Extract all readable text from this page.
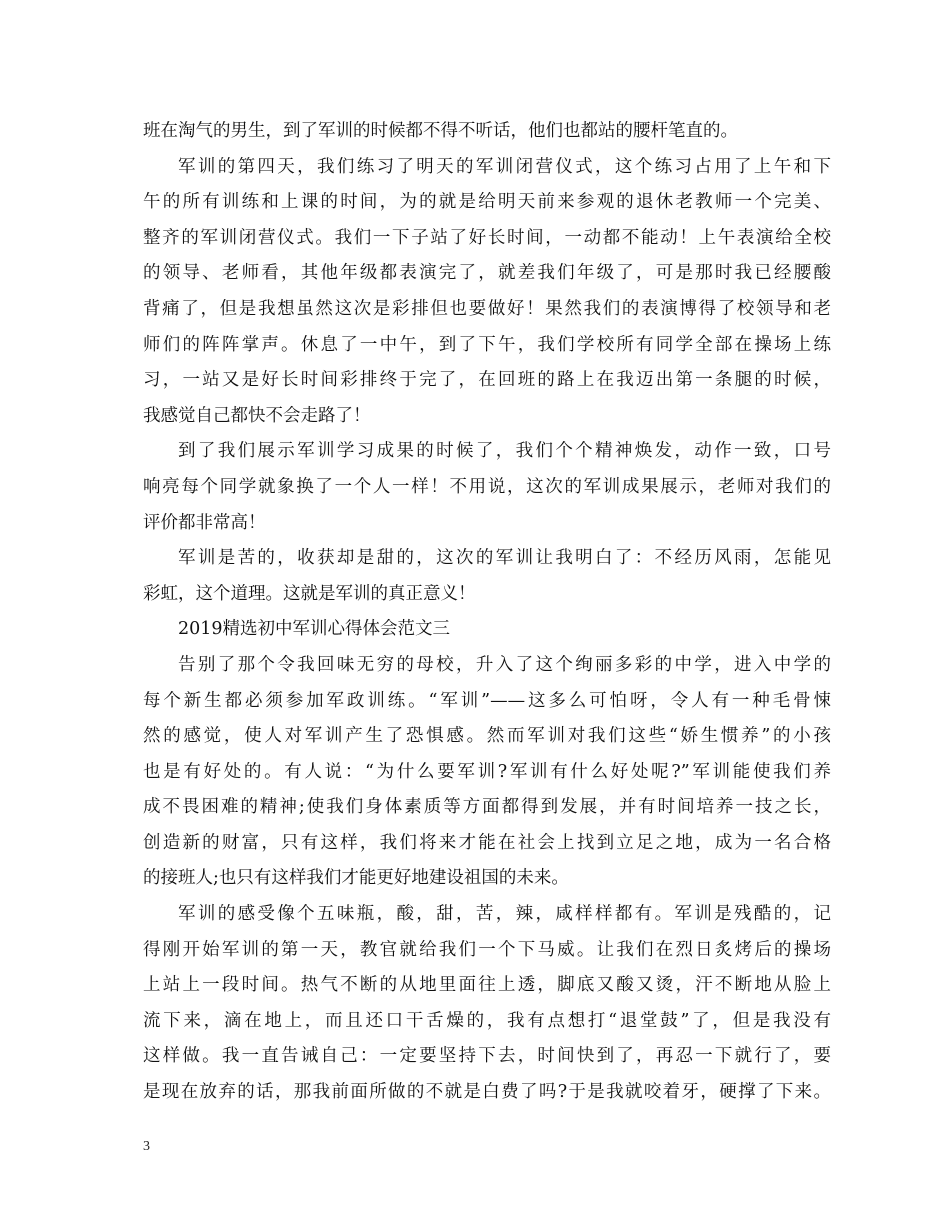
班在淘气的男生，到了军训的时候都不得不听话，他们也都站的腰杆笔直的。
军训的第四天，我们练习了明天的军训闭营仪式，这个练习占用了上午和下
午的所有训练和上课的时间，为的就是给明天前来参观的退休老教师一个完美、
整齐的军训闭营仪式。我们一下子站了好长时间，一动都不能动！上午表演给全校
的领导、老师看，其他年级都表演完了，就差我们年级了，可是那时我已经腰酸
背痛了，但是我想虽然这次是彩排但也要做好！果然我们的表演博得了校领导和老
师们的阵阵掌声。休息了一中午，到了下午，我们学校所有同学全部在操场上练
习，一站又是好长时间彩排终于完了，在回班的路上在我迈出第一条腿的时候，
我感觉自己都快不会走路了！
到了我们展示军训学习成果的时候了，我们个个精神焕发，动作一致，口号
响亮每个同学就象换了一个人一样！不用说，这次的军训成果展示，老师对我们的
评价都非常高！
军训是苦的，收获却是甜的，这次的军训让我明白了：不经历风雨，怎能见
彩虹，这个道理。这就是军训的真正意义！
2019精选初中军训心得体会范文三
告别了那个令我回味无穷的母校，升入了这个绚丽多彩的中学，进入中学的
每个新生都必须参加军政训练。“军训”——这多么可怕呀，令人有一种毛骨悚
然的感觉，使人对军训产生了恐惧感。然而军训对我们这些“娇生惯养”的小孩
也是有好处的。有人说：“为什么要军训?军训有什么好处呢?”军训能使我们养
成不畏困难的精神;使我们身体素质等方面都得到发展，并有时间培养一技之长，
创造新的财富，只有这样，我们将来才能在社会上找到立足之地，成为一名合格
的接班人;也只有这样我们才能更好地建设祖国的未来。
军训的感受像个五味瓶，酸，甜，苦，辣，咸样样都有。军训是残酷的，记
得刚开始军训的第一天，教官就给我们一个下马威。让我们在烈日炙烤后的操场
上站上一段时间。热气不断的从地里面往上透，脚底又酸又烫，汗不断地从脸上
流下来，滴在地上，而且还口干舌燥的，我有点想打“退堂鼓”了，但是我没有
这样做。我一直告诫自己：一定要坚持下去，时间快到了，再忍一下就行了，要
是现在放弃的话，那我前面所做的不就是白费了吗?于是我就咬着牙，硬撑了下来。
3
